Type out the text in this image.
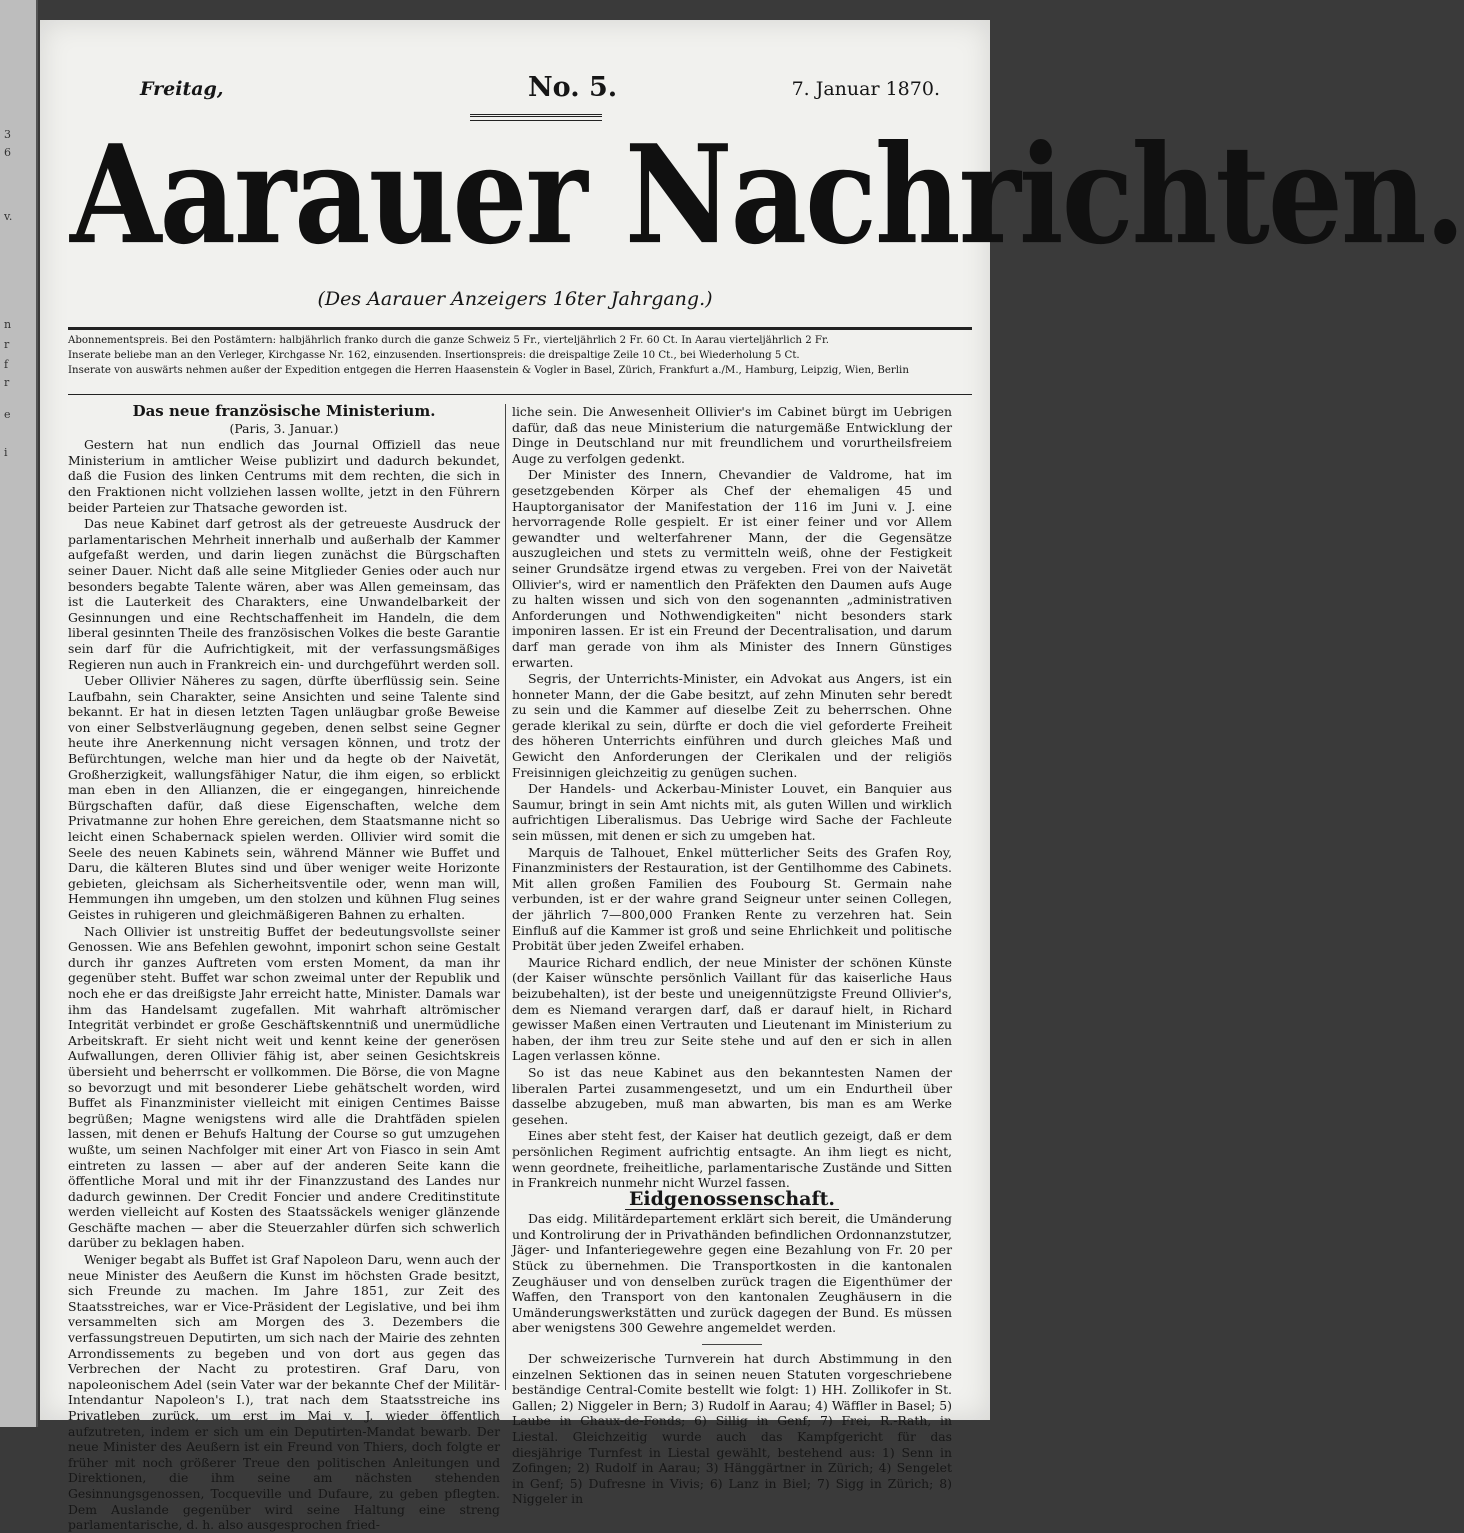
3
6
v.
n
r
f
r
e
i
Freitag,	No. 5.	7. Januar 1870.
Aarauer Nachrichten.
(Des Aarauer Anzeigers 16ter Jahrgang.)

Abonnementspreis. Bei den Postämtern: halbjährlich franko durch die ganze Schweiz 5 Fr., vierteljährlich 2 Fr. 60 Ct. In Aarau vierteljährlich 2 Fr.

Inserate beliebe man an den Verleger, Kirchgasse Nr. 162, einzusenden. Insertionspreis: die dreispaltige Zeile 10 Ct., bei Wiederholung 5 Ct.

Inserate von auswärts nehmen außer der Expedition entgegen die Herren Haasenstein & Vogler in Basel, Zürich, Frankfurt a./M., Hamburg, Leipzig, Wien, Berlin

Das neue französische Ministerium.

(Paris, 3. Januar.)

Gestern hat nun endlich das Journal Offiziell das neue Ministerium in amtlicher Weise publizirt und dadurch bekundet, daß die Fusion des linken Centrums mit dem rechten, die sich in den Fraktionen nicht vollziehen lassen wollte, jetzt in den Führern beider Parteien zur Thatsache geworden ist.

Das neue Kabinet darf getrost als der getreueste Ausdruck der parlamentarischen Mehrheit innerhalb und außerhalb der Kammer aufgefaßt werden, und darin liegen zunächst die Bürgschaften seiner Dauer. Nicht daß alle seine Mitglieder Genies oder auch nur besonders begabte Talente wären, aber was Allen gemeinsam, das ist die Lauterkeit des Charakters, eine Unwandelbarkeit der Gesinnungen und eine Rechtschaffenheit im Handeln, die dem liberal gesinnten Theile des französischen Volkes die beste Garantie sein darf für die Aufrichtigkeit, mit der verfassungsmäßiges Regieren nun auch in Frankreich ein- und durchgeführt werden soll.

Ueber Ollivier Näheres zu sagen, dürfte überflüssig sein. Seine Laufbahn, sein Charakter, seine Ansichten und seine Talente sind bekannt. Er hat in diesen letzten Tagen unläugbar große Beweise von einer Selbstverläugnung gegeben, denen selbst seine Gegner heute ihre Anerkennung nicht versagen können, und trotz der Befürchtungen, welche man hier und da hegte ob der Naivetät, Großherzigkeit, wallungsfähiger Natur, die ihm eigen, so erblickt man eben in den Allianzen, die er eingegangen, hinreichende Bürgschaften dafür, daß diese Eigenschaften, welche dem Privatmanne zur hohen Ehre gereichen, dem Staatsmanne nicht so leicht einen Schabernack spielen werden. Ollivier wird somit die Seele des neuen Kabinets sein, während Männer wie Buffet und Daru, die kälteren Blutes sind und über weniger weite Horizonte gebieten, gleichsam als Sicherheitsventile oder, wenn man will, Hemmungen ihn umgeben, um den stolzen und kühnen Flug seines Geistes in ruhigeren und gleichmäßigeren Bahnen zu erhalten.

Nach Ollivier ist unstreitig Buffet der bedeutungsvollste seiner Genossen. Wie ans Befehlen gewohnt, imponirt schon seine Gestalt durch ihr ganzes Auftreten vom ersten Moment, da man ihr gegenüber steht. Buffet war schon zweimal unter der Republik und noch ehe er das dreißigste Jahr erreicht hatte, Minister. Damals war ihm das Handelsamt zugefallen. Mit wahrhaft altrömischer Integrität verbindet er große Geschäftskenntniß und unermüdliche Arbeitskraft. Er sieht nicht weit und kennt keine der generösen Aufwallungen, deren Ollivier fähig ist, aber seinen Gesichtskreis übersieht und beherrscht er vollkommen. Die Börse, die von Magne so bevorzugt und mit besonderer Liebe gehätschelt worden, wird Buffet als Finanzminister vielleicht mit einigen Centimes Baisse begrüßen; Magne wenigstens wird alle die Drahtfäden spielen lassen, mit denen er Behufs Haltung der Course so gut umzugehen wußte, um seinen Nachfolger mit einer Art von Fiasco in sein Amt eintreten zu lassen — aber auf der anderen Seite kann die öffentliche Moral und mit ihr der Finanzzustand des Landes nur dadurch gewinnen. Der Credit Foncier und andere Creditinstitute werden vielleicht auf Kosten des Staatssäckels weniger glänzende Geschäfte machen — aber die Steuerzahler dürfen sich schwerlich darüber zu beklagen haben.

Weniger begabt als Buffet ist Graf Napoleon Daru, wenn auch der neue Minister des Aeußern die Kunst im höchsten Grade besitzt, sich Freunde zu machen. Im Jahre 1851, zur Zeit des Staatsstreiches, war er Vice-Präsident der Legislative, und bei ihm versammelten sich am Morgen des 3. Dezembers die verfassungstreuen Deputirten, um sich nach der Mairie des zehnten Arrondissements zu begeben und von dort aus gegen das Verbrechen der Nacht zu protestiren. Graf Daru, von napoleonischem Adel (sein Vater war der bekannte Chef der Militär-Intendantur Napoleon's I.), trat nach dem Staatsstreiche ins Privatleben zurück, um erst im Mai v. J. wieder öffentlich aufzutreten, indem er sich um ein Deputirten-Mandat bewarb. Der neue Minister des Aeußern ist ein Freund von Thiers, doch folgte er früher mit noch größerer Treue den politischen Anleitungen und Direktionen, die ihm seine am nächsten stehenden Gesinnungsgenossen, Tocqueville und Dufaure, zu geben pflegten. Dem Auslande gegenüber wird seine Haltung eine streng parlamentarische, d. h. also ausgesprochen fried-

liche sein. Die Anwesenheit Ollivier's im Cabinet bürgt im Uebrigen dafür, daß das neue Ministerium die naturgemäße Entwicklung der Dinge in Deutschland nur mit freundlichem und vorurtheilsfreiem Auge zu verfolgen gedenkt.

Der Minister des Innern, Chevandier de Valdrome, hat im gesetzgebenden Körper als Chef der ehemaligen 45 und Hauptorganisator der Manifestation der 116 im Juni v. J. eine hervorragende Rolle gespielt. Er ist einer feiner und vor Allem gewandter und welterfahrener Mann, der die Gegensätze auszugleichen und stets zu vermitteln weiß, ohne der Festigkeit seiner Grundsätze irgend etwas zu vergeben. Frei von der Naivetät Ollivier's, wird er namentlich den Präfekten den Daumen aufs Auge zu halten wissen und sich von den sogenannten „administrativen Anforderungen und Nothwendigkeiten" nicht besonders stark imponiren lassen. Er ist ein Freund der Decentralisation, und darum darf man gerade von ihm als Minister des Innern Günstiges erwarten.

Segris, der Unterrichts-Minister, ein Advokat aus Angers, ist ein honneter Mann, der die Gabe besitzt, auf zehn Minuten sehr beredt zu sein und die Kammer auf dieselbe Zeit zu beherrschen. Ohne gerade klerikal zu sein, dürfte er doch die viel geforderte Freiheit des höheren Unterrichts einführen und durch gleiches Maß und Gewicht den Anforderungen der Clerikalen und der religiös Freisinnigen gleichzeitig zu genügen suchen.

Der Handels- und Ackerbau-Minister Louvet, ein Banquier aus Saumur, bringt in sein Amt nichts mit, als guten Willen und wirklich aufrichtigen Liberalismus. Das Uebrige wird Sache der Fachleute sein müssen, mit denen er sich zu umgeben hat.

Marquis de Talhouet, Enkel mütterlicher Seits des Grafen Roy, Finanzministers der Restauration, ist der Gentilhomme des Cabinets. Mit allen großen Familien des Foubourg St. Germain nahe verbunden, ist er der wahre grand Seigneur unter seinen Collegen, der jährlich 7—800,000 Franken Rente zu verzehren hat. Sein Einfluß auf die Kammer ist groß und seine Ehrlichkeit und politische Probität über jeden Zweifel erhaben.

Maurice Richard endlich, der neue Minister der schönen Künste (der Kaiser wünschte persönlich Vaillant für das kaiserliche Haus beizubehalten), ist der beste und uneigennützigste Freund Ollivier's, dem es Niemand verargen darf, daß er darauf hielt, in Richard gewisser Maßen einen Vertrauten und Lieutenant im Ministerium zu haben, der ihm treu zur Seite stehe und auf den er sich in allen Lagen verlassen könne.

So ist das neue Kabinet aus den bekanntesten Namen der liberalen Partei zusammengesetzt, und um ein Endurtheil über dasselbe abzugeben, muß man abwarten, bis man es am Werke gesehen.

Eines aber steht fest, der Kaiser hat deutlich gezeigt, daß er dem persönlichen Regiment aufrichtig entsagte. An ihm liegt es nicht, wenn geordnete, freiheitliche, parlamentarische Zustände und Sitten in Frankreich nunmehr nicht Wurzel fassen.

Eidgenossenschaft.

Das eidg. Militärdepartement erklärt sich bereit, die Umänderung und Kontrolirung der in Privathänden befindlichen Ordonnanzstutzer, Jäger- und Infanteriegewehre gegen eine Bezahlung von Fr. 20 per Stück zu übernehmen. Die Transportkosten in die kantonalen Zeughäuser und von denselben zurück tragen die Eigenthümer der Waffen, den Transport von den kantonalen Zeughäusern in die Umänderungswerkstätten und zurück dagegen der Bund. Es müssen aber wenigstens 300 Gewehre angemeldet werden.

Der schweizerische Turnverein hat durch Abstimmung in den einzelnen Sektionen das in seinen neuen Statuten vorgeschriebene beständige Central-Comite bestellt wie folgt: 1) HH. Zollikofer in St. Gallen; 2) Niggeler in Bern; 3) Rudolf in Aarau; 4) Wäffler in Basel; 5) Laube in Chaux-de-Fonds; 6) Sillig in Genf; 7) Frei, R.-Rath, in Liestal. Gleichzeitig wurde auch das Kampfgericht für das diesjährige Turnfest in Liestal gewählt, bestehend aus: 1) Senn in Zofingen; 2) Rudolf in Aarau; 3) Hänggärtner in Zürich; 4) Sengelet in Genf; 5) Dufresne in Vivis; 6) Lanz in Biel; 7) Sigg in Zürich; 8) Niggeler in
